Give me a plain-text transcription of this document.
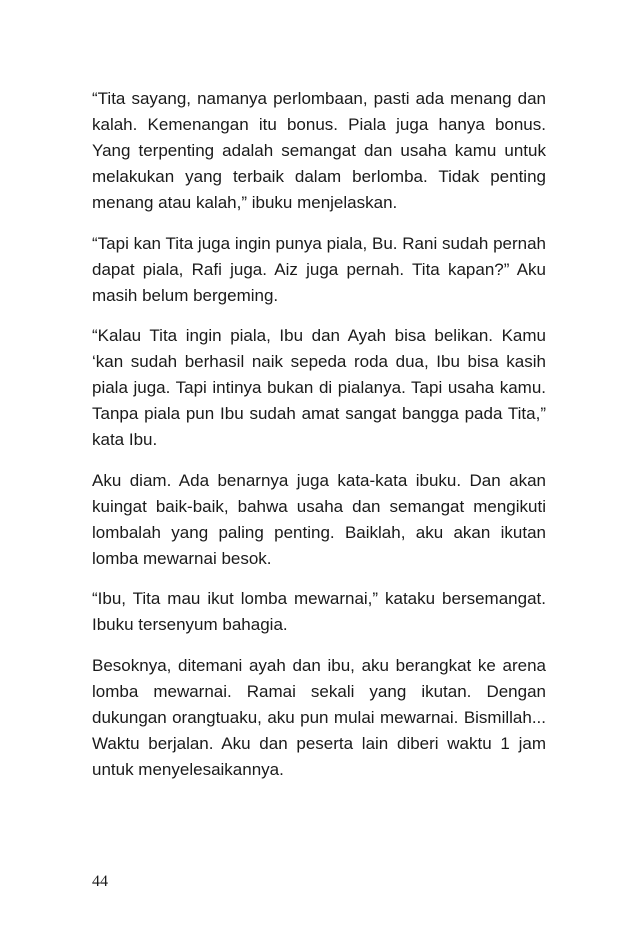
“Tita sayang, namanya perlombaan, pasti ada menang dan kalah. Kemenangan itu bonus. Piala juga hanya bonus. Yang terpenting adalah semangat dan usaha kamu untuk melakukan yang terbaik dalam berlomba. Tidak penting menang atau kalah,” ibuku menjelaskan.

“Tapi kan Tita juga ingin punya piala, Bu. Rani sudah pernah dapat piala, Rafi juga. Aiz juga pernah. Tita kapan?” Aku masih belum bergeming.

“Kalau Tita ingin piala, Ibu dan Ayah bisa belikan. Kamu ‘kan sudah berhasil naik sepeda roda dua, Ibu bisa kasih piala juga. Tapi intinya bukan di pialanya. Tapi usaha kamu. Tanpa piala pun Ibu sudah amat sangat bangga pada Tita,” kata Ibu.

Aku diam. Ada benarnya juga kata-kata ibuku. Dan akan kuingat baik-baik, bahwa usaha dan semangat mengikuti lombalah yang paling penting. Baiklah, aku akan ikutan lomba mewarnai besok.

“Ibu, Tita mau ikut lomba mewarnai,” kataku bersemangat. Ibuku tersenyum bahagia.

Besoknya, ditemani ayah dan ibu, aku berangkat ke arena lomba mewarnai. Ramai sekali yang ikutan. Dengan dukungan orangtuaku, aku pun mulai mewarnai. Bismillah... Waktu berjalan. Aku dan peserta lain diberi waktu 1 jam untuk menyelesaikannya.

44
